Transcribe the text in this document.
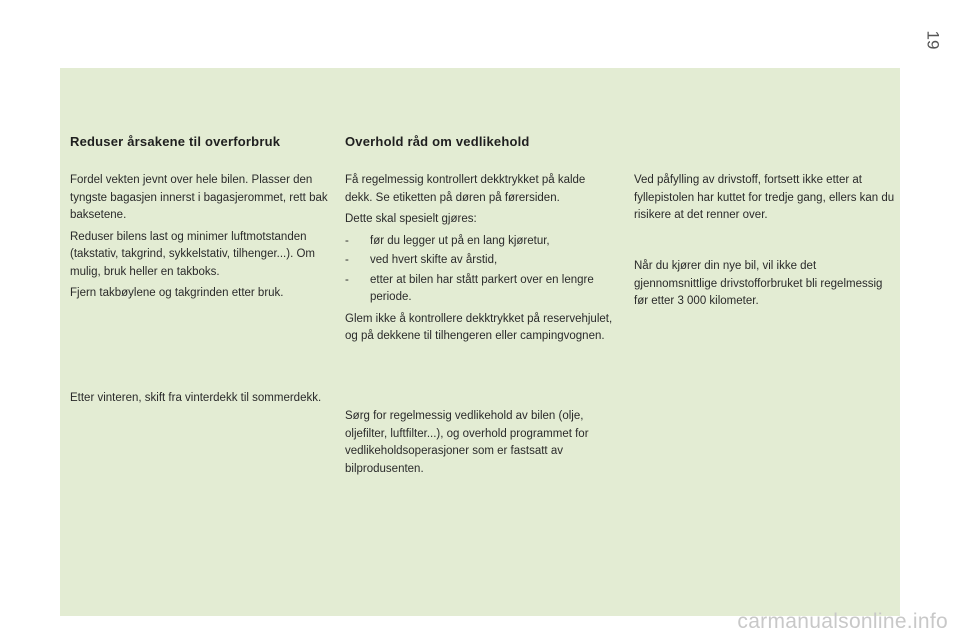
19
Reduser årsakene til overforbruk

Fordel vekten jevnt over hele bilen. Plasser den tyngste bagasjen innerst i bagasjerommet, rett bak baksetene.

Reduser bilens last og minimer luftmotstanden (takstativ, takgrind, sykkelstativ, tilhenger...). Om mulig, bruk heller en takboks.

Fjern takbøylene og takgrinden etter bruk.

Etter vinteren, skift fra vinterdekk til sommerdekk.

Overhold råd om vedlikehold

Få regelmessig kontrollert dekktrykket på kalde dekk. Se etiketten på døren på førersiden.

Dette skal spesielt gjøres:

- før du legger ut på en lang kjøretur,
- ved hvert skifte av årstid,
- etter at bilen har stått parkert over en lengre periode.

Glem ikke å kontrollere dekktrykket på reservehjulet, og på dekkene til tilhengeren eller campingvognen.

Sørg for regelmessig vedlikehold av bilen (olje, oljefilter, luftfilter...), og overhold programmet for vedlikeholdsoperasjoner som er fastsatt av bilprodusenten.

Ved påfylling av drivstoff, fortsett ikke etter at fyllepistolen har kuttet for tredje gang, ellers kan du risikere at det renner over.

Når du kjører din nye bil, vil ikke det gjennomsnittlige drivstofforbruket bli regelmessig før etter 3 000 kilometer.

carmanualsonline.info
